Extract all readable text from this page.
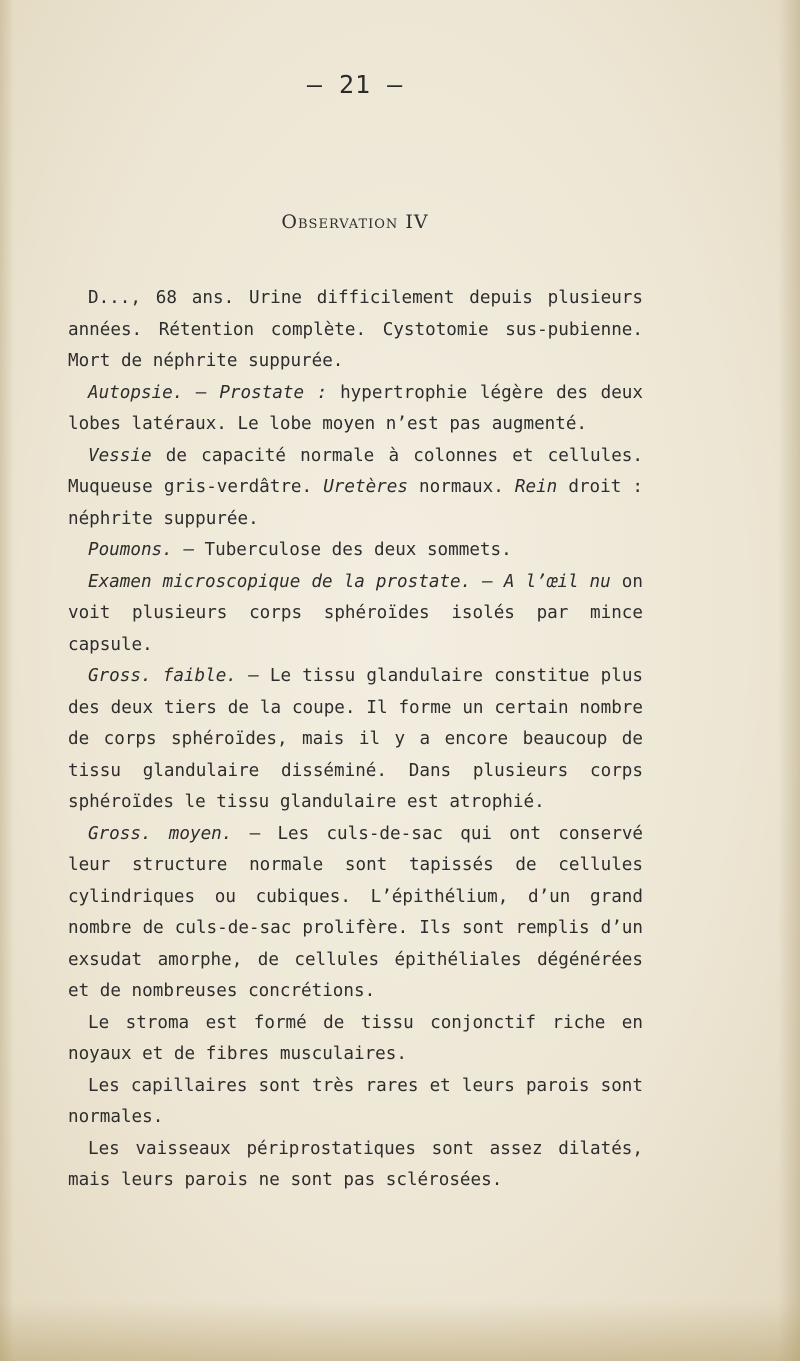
— 21 —
Observation IV

D..., 68 ans. Urine difficilement depuis plusieurs années. Rétention complète. Cystotomie sus-pubienne. Mort de néphrite suppurée.

Autopsie. — Prostate : hypertrophie légère des deux lobes latéraux. Le lobe moyen n’est pas augmenté.

Vessie de capacité normale à colonnes et cellules. Muqueuse gris-verdâtre. Uretères normaux. Rein droit : néphrite suppurée.

Poumons. — Tuberculose des deux sommets.

Examen microscopique de la prostate. — A l’œil nu on voit plusieurs corps sphéroïdes isolés par mince capsule.

Gross. faible. — Le tissu glandulaire constitue plus des deux tiers de la coupe. Il forme un certain nombre de corps sphéroïdes, mais il y a encore beaucoup de tissu glandulaire disséminé. Dans plusieurs corps sphéroïdes le tissu glandulaire est atrophié.

Gross. moyen. — Les culs-de-sac qui ont conservé leur structure normale sont tapissés de cellules cylindriques ou cubiques. L’épithélium, d’un grand nombre de culs-de-sac prolifère. Ils sont remplis d’un exsudat amorphe, de cellules épithéliales dégénérées et de nombreuses concrétions.

Le stroma est formé de tissu conjonctif riche en noyaux et de fibres musculaires.

Les capillaires sont très rares et leurs parois sont normales.

Les vaisseaux périprostatiques sont assez dilatés, mais leurs parois ne sont pas sclérosées.
